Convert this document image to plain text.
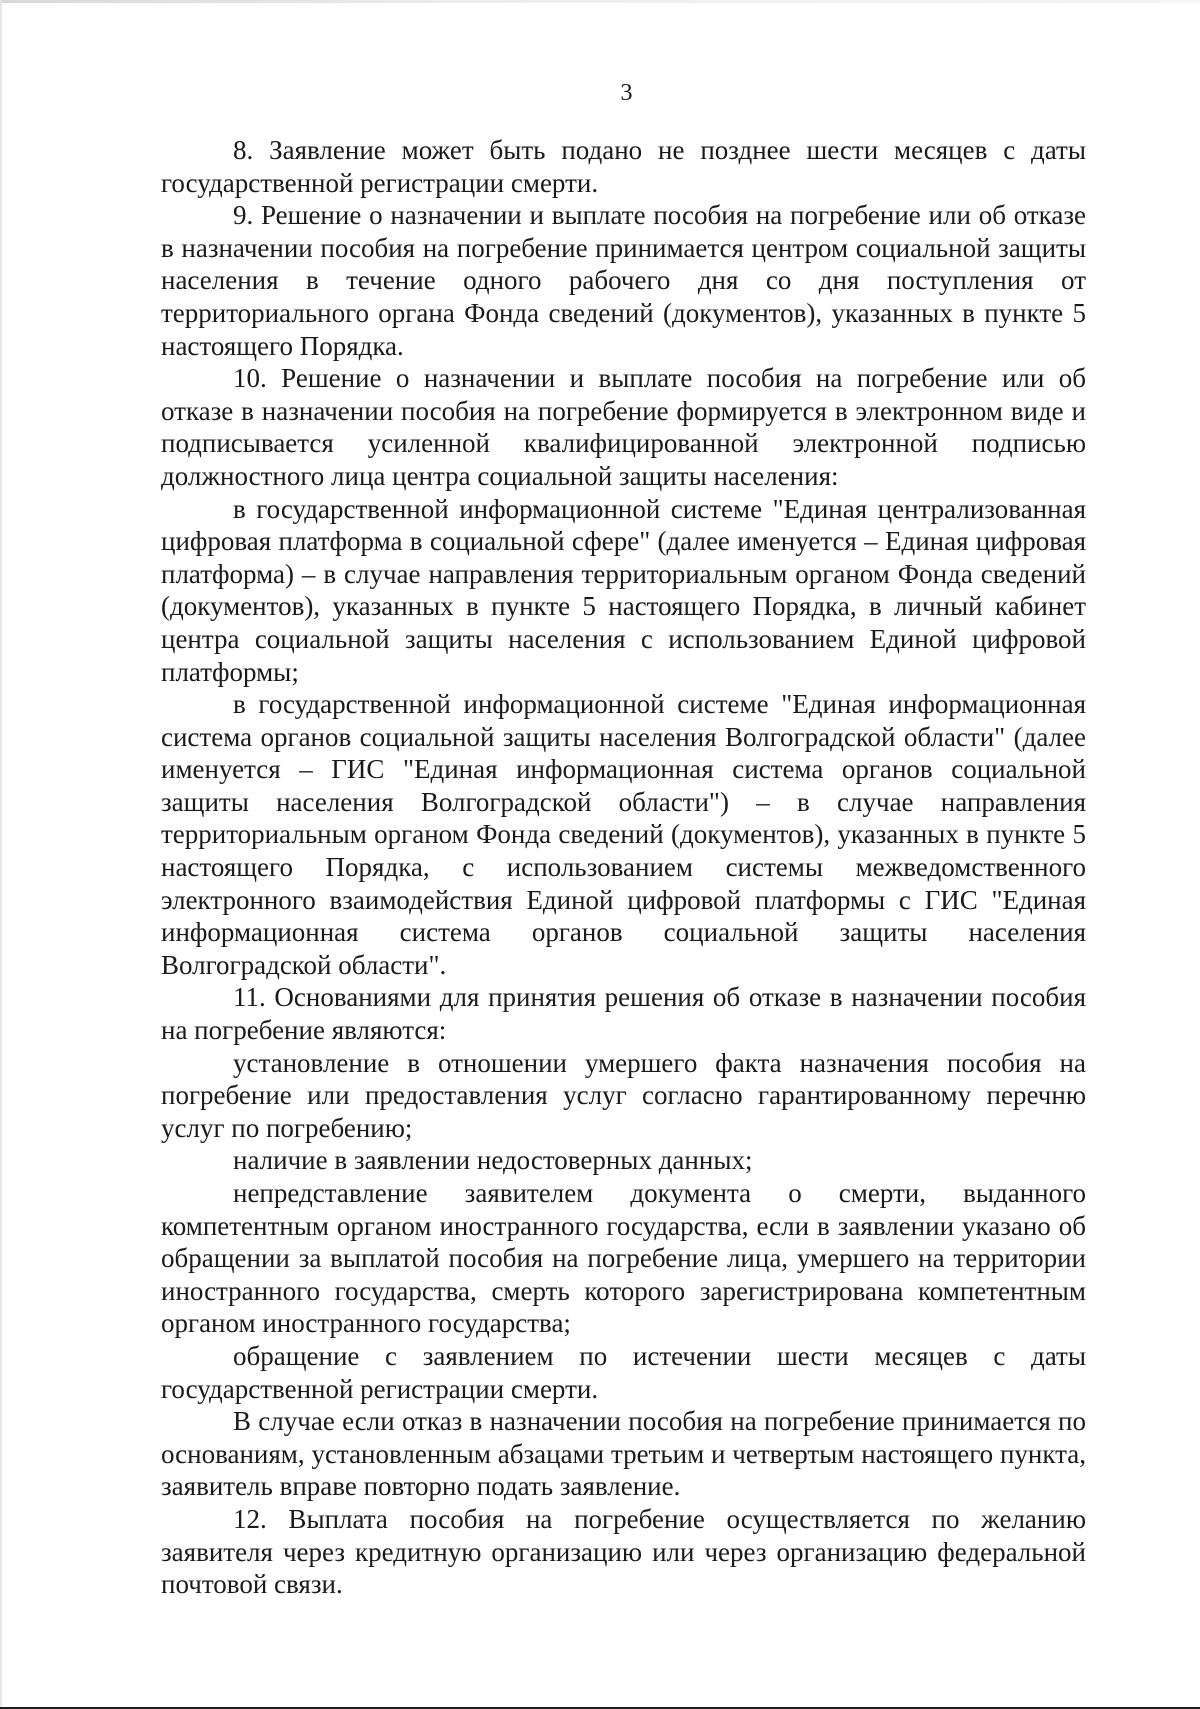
3

8. Заявление может быть подано не позднее шести месяцев с даты государственной регистрации смерти.

9. Решение о назначении и выплате пособия на погребение или об отказе в назначении пособия на погребение принимается центром социальной защиты населения в течение одного рабочего дня со дня поступления от территориального органа Фонда сведений (документов), указанных в пункте 5 настоящего Порядка.

10. Решение о назначении и выплате пособия на погребение или об отказе в назначении пособия на погребение формируется в электронном виде и подписывается усиленной квалифицированной электронной подписью должностного лица центра социальной защиты населения:

в государственной информационной системе "Единая централизованная цифровая платформа в социальной сфере" (далее именуется – Единая цифровая платформа) – в случае направления территориальным органом Фонда сведений (документов), указанных в пункте 5 настоящего Порядка, в личный кабинет центра социальной защиты населения с использованием Единой цифровой платформы;

в государственной информационной системе "Единая информационная система органов социальной защиты населения Волгоградской области" (далее именуется – ГИС "Единая информационная система органов социальной защиты населения Волгоградской области") – в случае направления территориальным органом Фонда сведений (документов), указанных в пункте 5 настоящего Порядка, с использованием системы межведомственного электронного взаимодействия Единой цифровой платформы с ГИС "Единая информационная система органов социальной защиты населения Волгоградской области".

11. Основаниями для принятия решения об отказе в назначении пособия на погребение являются:

установление в отношении умершего факта назначения пособия на погребение или предоставления услуг согласно гарантированному перечню услуг по погребению;

наличие в заявлении недостоверных данных;

непредставление заявителем документа о смерти, выданного компетентным органом иностранного государства, если в заявлении указано об обращении за выплатой пособия на погребение лица, умершего на территории иностранного государства, смерть которого зарегистрирована компетентным органом иностранного государства;

обращение с заявлением по истечении шести месяцев с даты государственной регистрации смерти.

В случае если отказ в назначении пособия на погребение принимается по основаниям, установленным абзацами третьим и четвертым настоящего пункта, заявитель вправе повторно подать заявление.

12. Выплата пособия на погребение осуществляется по желанию заявителя через кредитную организацию или через организацию федеральной почтовой связи.
